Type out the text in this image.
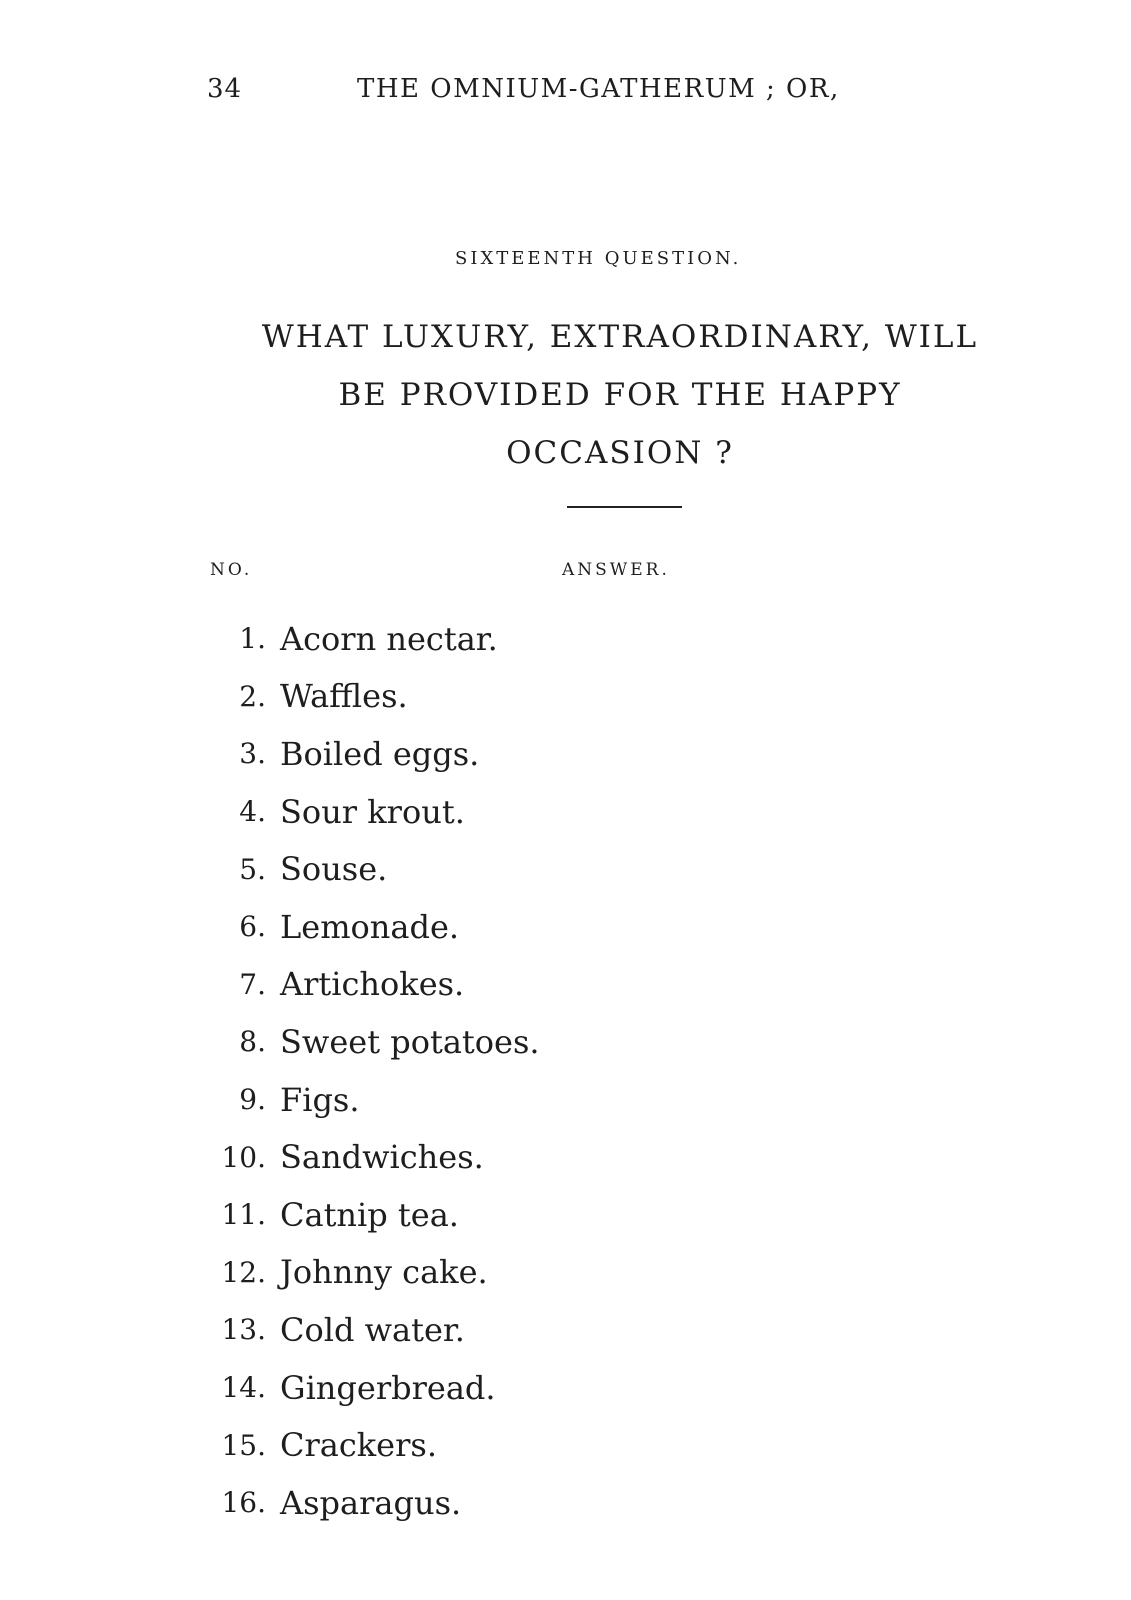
34	THE OMNIUM-GATHERUM ; OR,
SIXTEENTH QUESTION.
WHAT LUXURY, EXTRAORDINARY, WILL
BE PROVIDED FOR THE HAPPY
OCCASION ?
NO.	ANSWER.
1. Acorn nectar.
2. Waffles.
3. Boiled eggs.
4. Sour krout.
5. Souse.
6. Lemonade.
7. Artichokes.
8. Sweet potatoes.
9. Figs.
10. Sandwiches.
11. Catnip tea.
12. Johnny cake.
13. Cold water.
14. Gingerbread.
15. Crackers.
16. Asparagus.
